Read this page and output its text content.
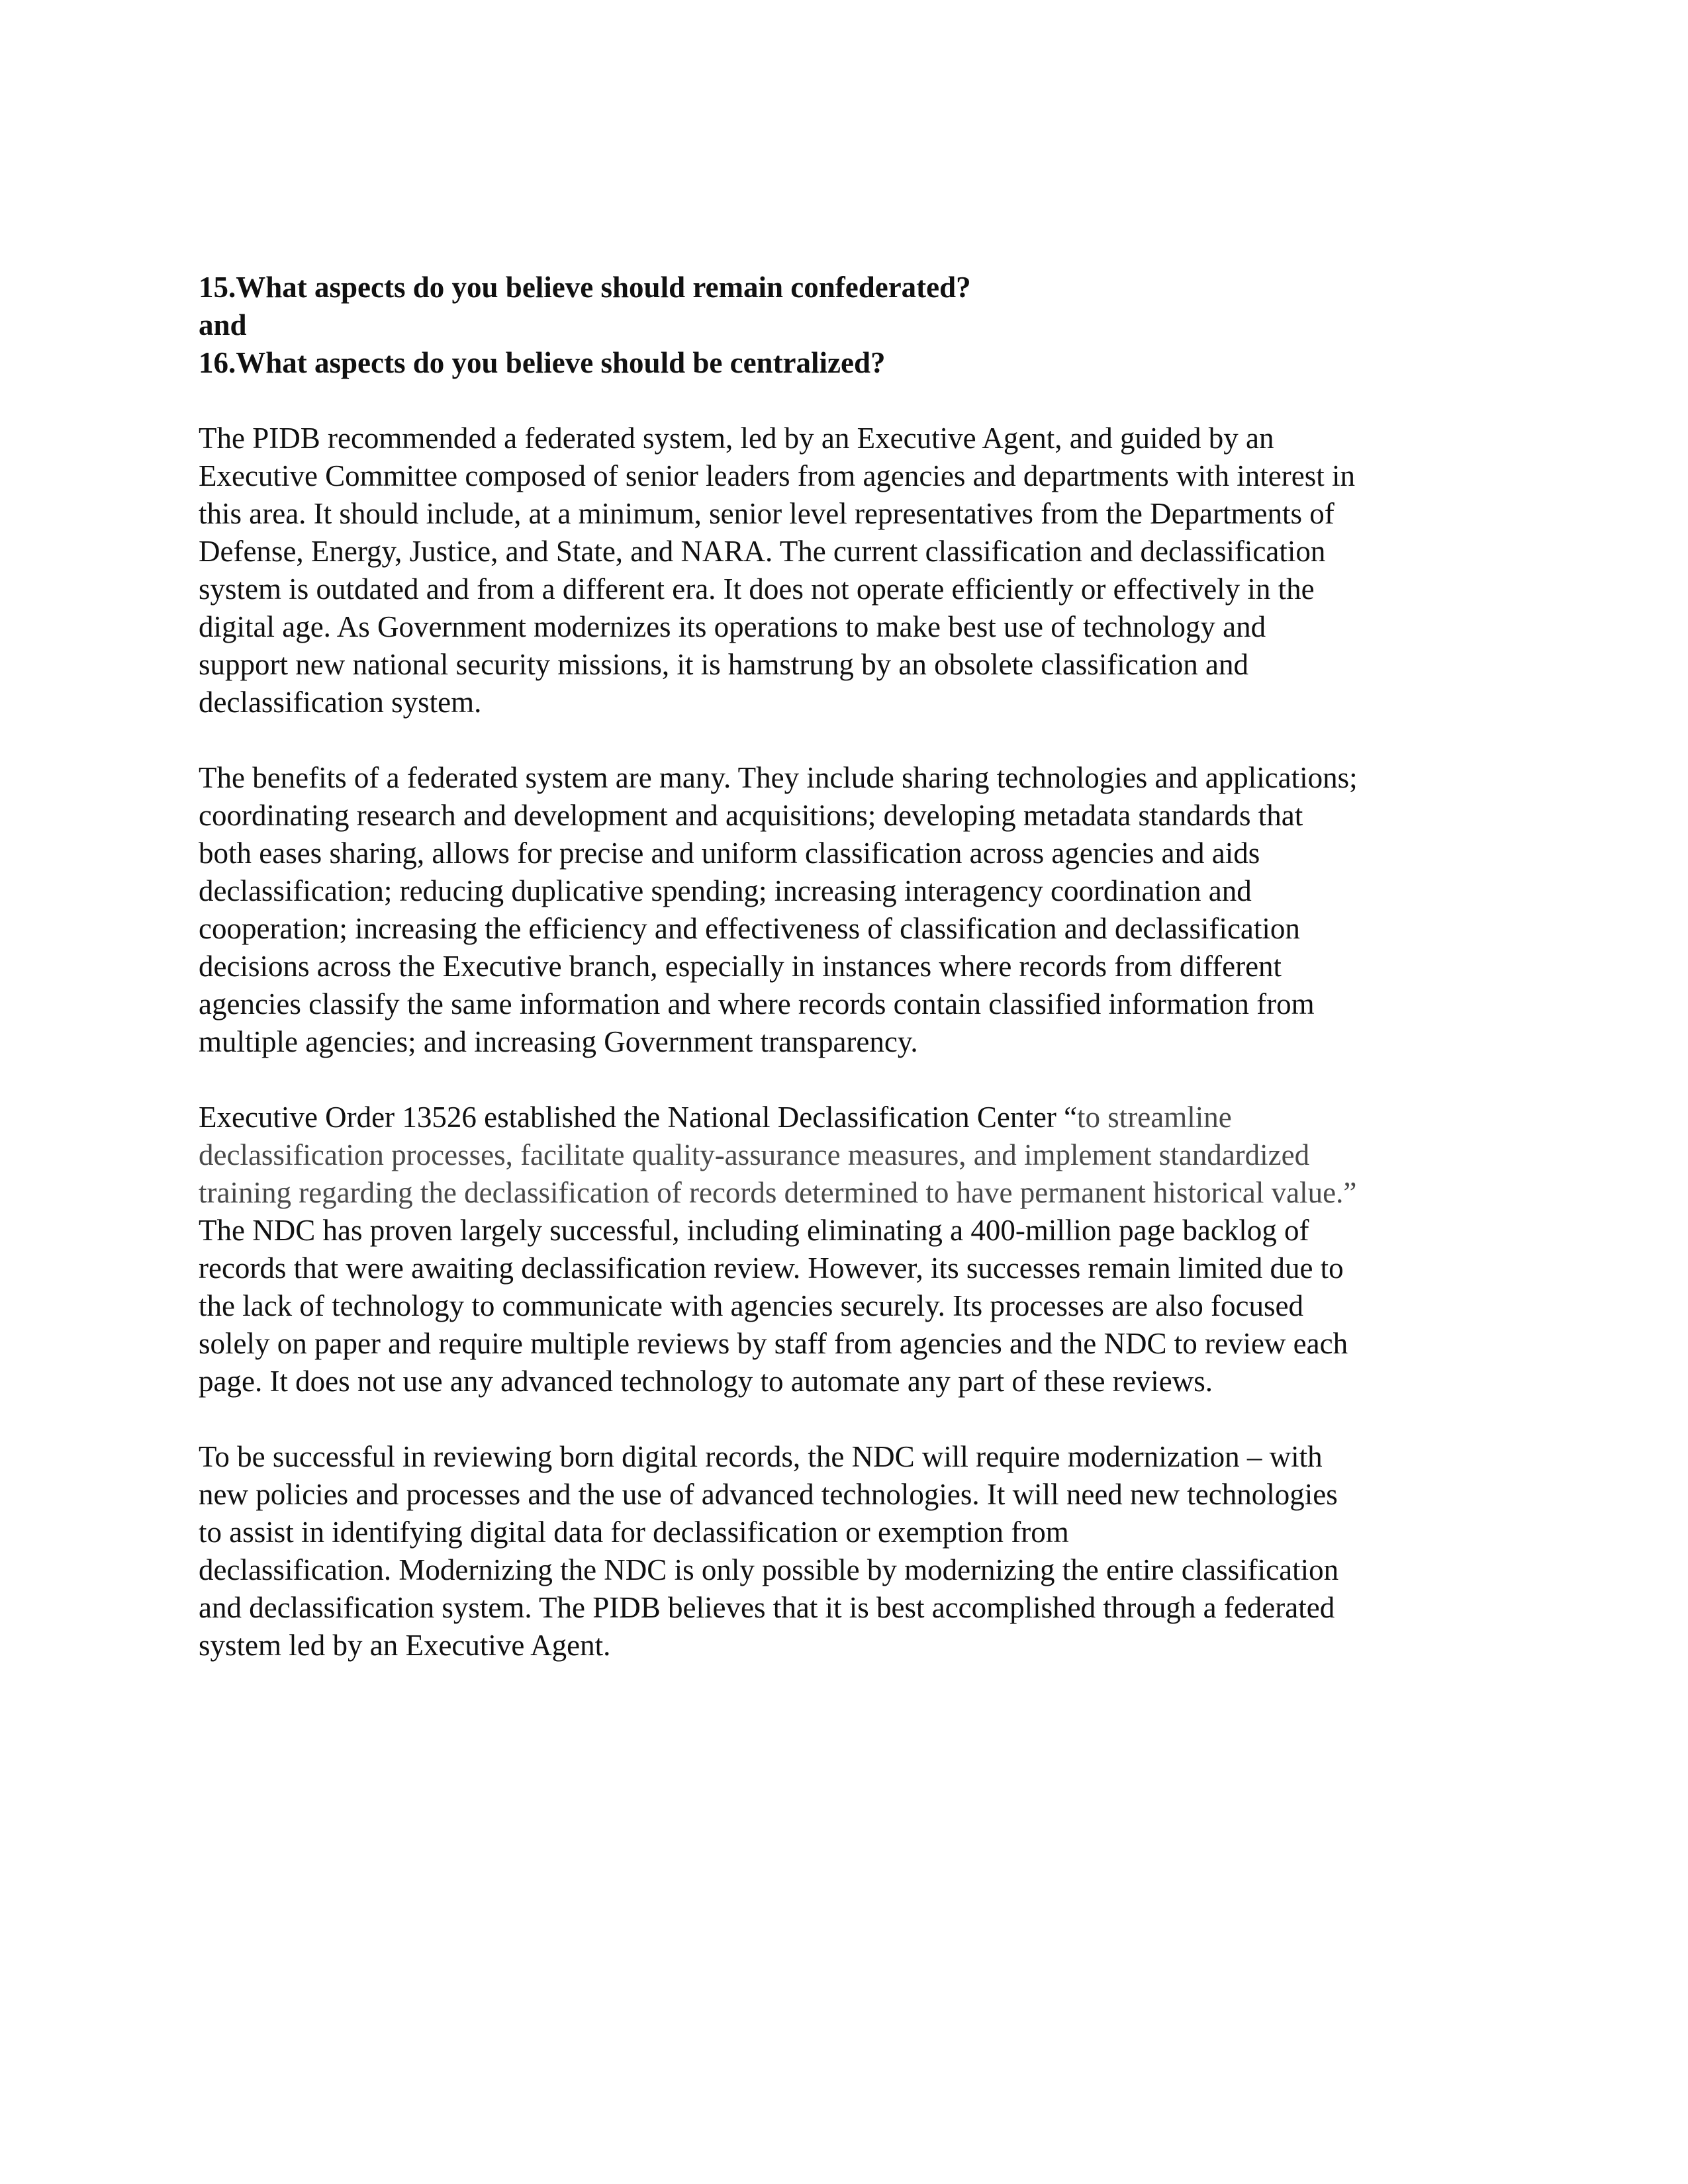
15.What aspects do you believe should remain confederated?
and
16.What aspects do you believe should be centralized?
The PIDB recommended a federated system, led by an Executive Agent, and guided by an
Executive Committee composed of senior leaders from agencies and departments with interest in
this area. It should include, at a minimum, senior level representatives from the Departments of
Defense, Energy, Justice, and State, and NARA. The current classification and declassification
system is outdated and from a different era. It does not operate efficiently or effectively in the
digital age. As Government modernizes its operations to make best use of technology and
support new national security missions, it is hamstrung by an obsolete classification and
declassification system.
The benefits of a federated system are many. They include sharing technologies and applications;
coordinating research and development and acquisitions; developing metadata standards that
both eases sharing, allows for precise and uniform classification across agencies and aids
declassification; reducing duplicative spending; increasing interagency coordination and
cooperation; increasing the efficiency and effectiveness of classification and declassification
decisions across the Executive branch, especially in instances where records from different
agencies classify the same information and where records contain classified information from
multiple agencies; and increasing Government transparency.
Executive Order 13526 established the National Declassification Center “to streamline
declassification processes, facilitate quality-assurance measures, and implement standardized
training regarding the declassification of records determined to have permanent historical value.”
The NDC has proven largely successful, including eliminating a 400-million page backlog of
records that were awaiting declassification review. However, its successes remain limited due to
the lack of technology to communicate with agencies securely. Its processes are also focused
solely on paper and require multiple reviews by staff from agencies and the NDC to review each
page. It does not use any advanced technology to automate any part of these reviews.
To be successful in reviewing born digital records, the NDC will require modernization – with
new policies and processes and the use of advanced technologies. It will need new technologies
to assist in identifying digital data for declassification or exemption from
declassification. Modernizing the NDC is only possible by modernizing the entire classification
and declassification system. The PIDB believes that it is best accomplished through a federated
system led by an Executive Agent.
